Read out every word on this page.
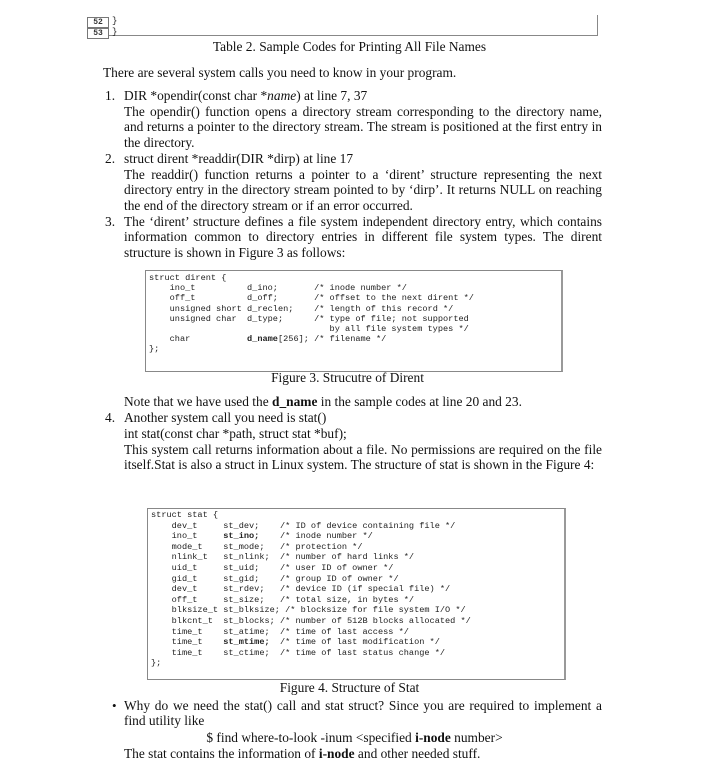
52	}
53	}
Table 2. Sample Codes for Printing All File Names
There are several system calls you need to know in your program.
1. DIR *opendir(const char *name) at line 7, 37
The opendir() function opens a directory stream corresponding to the directory name, and returns a pointer to the directory stream. The stream is positioned at the first entry in the directory.
2. struct dirent *readdir(DIR *dirp) at line 17
The readdir() function returns a pointer to a ‘dirent’ structure representing the next directory entry in the directory stream pointed to by ‘dirp’. It returns NULL on reaching the end of the directory stream or if an error occurred.
3. The ‘dirent’ structure defines a file system independent directory entry, which contains information common to directory entries in different file system types. The dirent structure is shown in Figure 3 as follows:
struct dirent {
ino_t          d_ino;	/* inode number */
off_t          d_off;	/* offset to the next dirent */
unsigned short d_reclen; /* length of this record */
unsigned char  d_type;	/* type of file; not supported
by all file system types */
char           d_name[256]; /* filename */
};
Figure 3. Strucutre of Dirent
Note that we have used the d_name in the sample codes at line 20 and 23.
4. Another system call you need is stat()
int stat(const char *path, struct stat *buf);
This system call returns information about a file. No permissions are required on the file itself.Stat is also a struct in Linux system. The structure of stat is shown in the Figure 4:
struct stat {
dev_t     st_dev; /* ID of device containing file */
ino_t     st_ino; /* inode number */
mode_t    st_mode; /* protection */
nlink_t   st_nlink; /* number of hard links */
uid_t     st_uid; /* user ID of owner */
gid_t     st_gid; /* group ID of owner */
dev_t     st_rdev; /* device ID (if special file) */
off_t     st_size; /* total size, in bytes */
blksize_t st_blksize; /* blocksize for file system I/O */
blkcnt_t  st_blocks; /* number of 512B blocks allocated */
time_t    st_atime; /* time of last access */
time_t    st_mtime; /* time of last modification */
time_t    st_ctime; /* time of last status change */
};
Figure 4. Structure of Stat
• Why do we need the stat() call and stat struct? Since you are required to implement a find utility like
$ find where-to-look -inum <specified i-node number>
The stat contains the information of i-node and other needed stuff.
